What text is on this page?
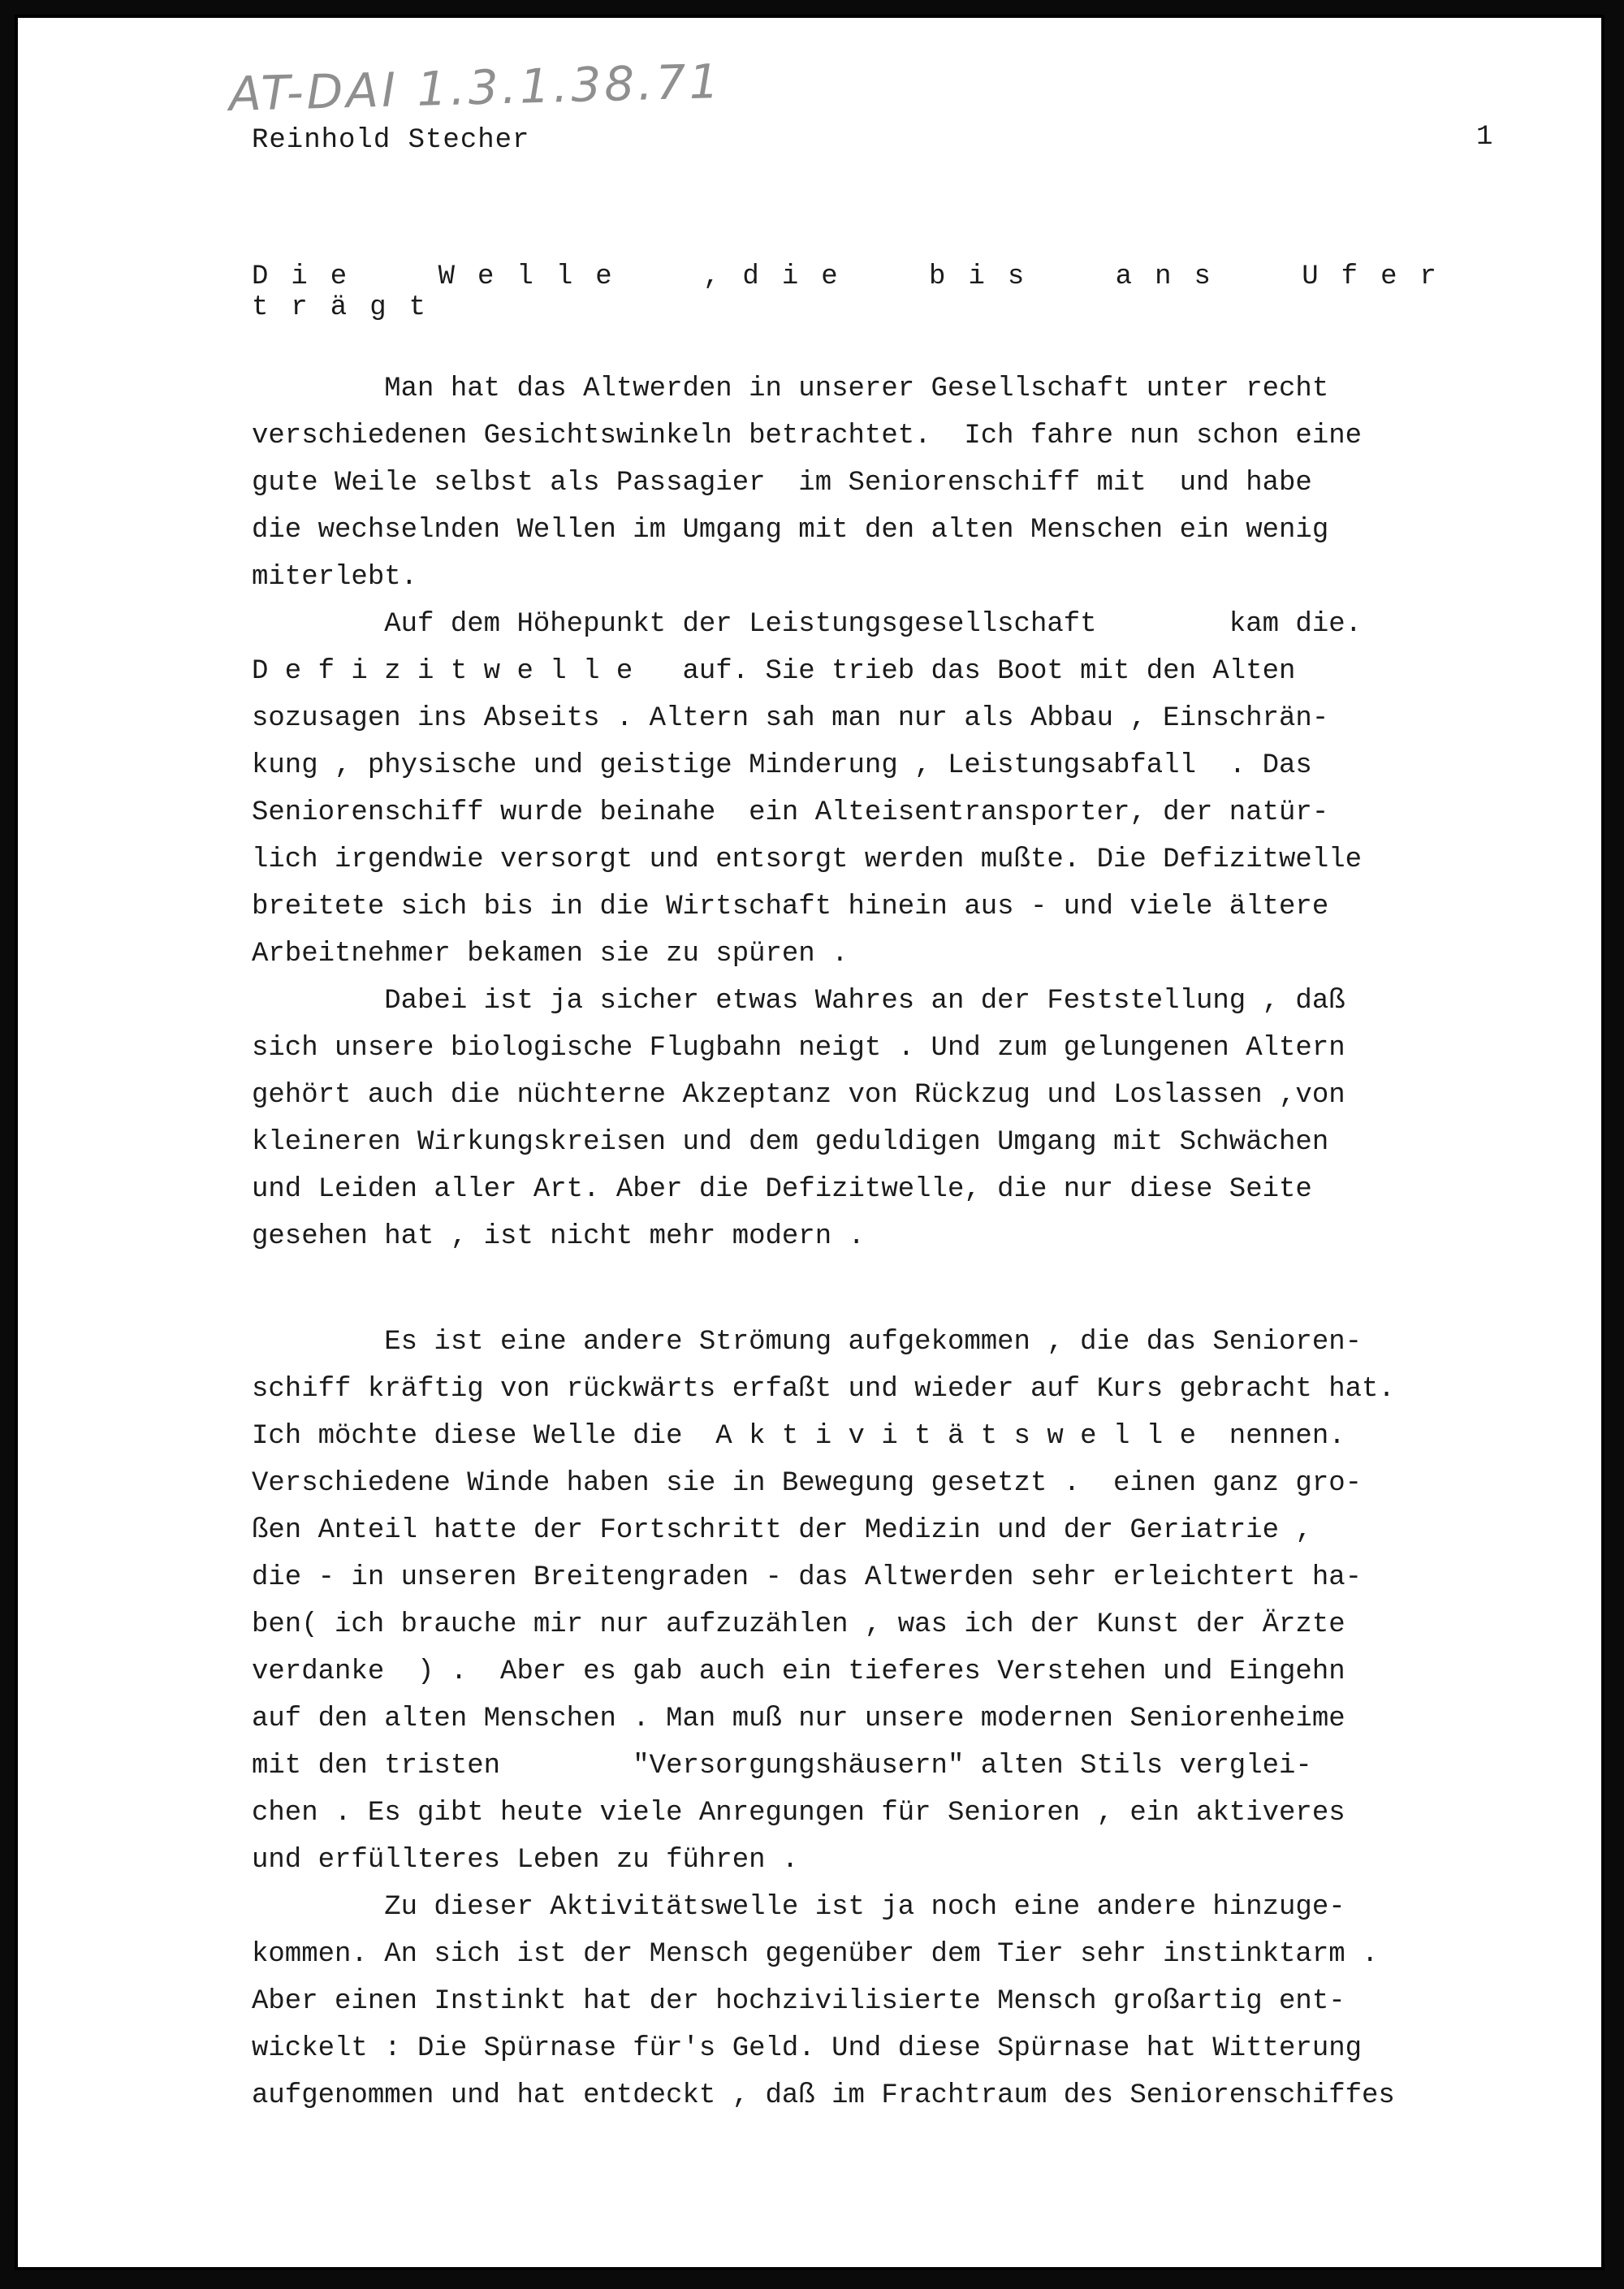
AT-DAI 1.3.1.38.71
Reinhold Stecher	1
Die Welle ,die bis ans Ufer trägt
Man hat das Altwerden in unserer Gesellschaft unter recht
verschiedenen Gesichtswinkeln betrachtet.  Ich fahre nun schon eine
gute Weile selbst als Passagier  im Seniorenschiff mit  und habe
die wechselnden Wellen im Umgang mit den alten Menschen ein wenig
miterlebt.
Auf dem Höhepunkt der Leistungsgesellschaft        kam die.
D e f i z i t w e l l e   auf. Sie trieb das Boot mit den Alten
sozusagen ins Abseits . Altern sah man nur als Abbau , Einschrän-
kung , physische und geistige Minderung , Leistungsabfall  . Das
Seniorenschiff wurde beinahe  ein Alteisentransporter, der natür-
lich irgendwie versorgt und entsorgt werden mußte. Die Defizitwelle
breitete sich bis in die Wirtschaft hinein aus - und viele ältere
Arbeitnehmer bekamen sie zu spüren .
Dabei ist ja sicher etwas Wahres an der Feststellung , daß
sich unsere biologische Flugbahn neigt . Und zum gelungenen Altern
gehört auch die nüchterne Akzeptanz von Rückzug und Loslassen ,von
kleineren Wirkungskreisen und dem geduldigen Umgang mit Schwächen
und Leiden aller Art. Aber die Defizitwelle, die nur diese Seite
gesehen hat , ist nicht mehr modern .
Es ist eine andere Strömung aufgekommen , die das Senioren-
schiff kräftig von rückwärts erfaßt und wieder auf Kurs gebracht hat.
Ich möchte diese Welle die  A k t i v i t ä t s w e l l e  nennen.
Verschiedene Winde haben sie in Bewegung gesetzt .  einen ganz gro-
ßen Anteil hatte der Fortschritt der Medizin und der Geriatrie ,
die - in unseren Breitengraden - das Altwerden sehr erleichtert ha-
ben( ich brauche mir nur aufzuzählen , was ich der Kunst der Ärzte
verdanke  ) .  Aber es gab auch ein tieferes Verstehen und Eingehn
auf den alten Menschen . Man muß nur unsere modernen Seniorenheime
mit den tristen        "Versorgungshäusern" alten Stils verglei-
chen . Es gibt heute viele Anregungen für Senioren , ein aktiveres
und erfüllteres Leben zu führen .
Zu dieser Aktivitätswelle ist ja noch eine andere hinzuge-
kommen. An sich ist der Mensch gegenüber dem Tier sehr instinktarm .
Aber einen Instinkt hat der hochzivilisierte Mensch großartig ent-
wickelt : Die Spürnase für's Geld. Und diese Spürnase hat Witterung
aufgenommen und hat entdeckt , daß im Frachtraum des Seniorenschiffes
